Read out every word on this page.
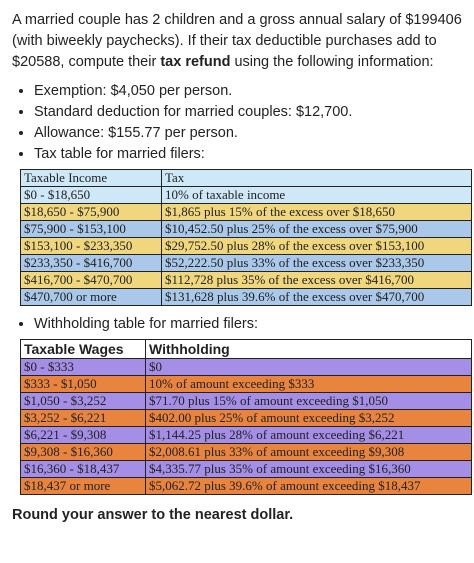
A married couple has 2 children and a gross annual salary of $199406 (with biweekly paychecks). If their tax deductible purchases add to $20588, compute their tax refund using the following information:

• Exemption: $4,050 per person.
• Standard deduction for married couples: $12,700.
• Allowance: $155.77 per person.
• Tax table for married filers:
Taxable Income	Tax
$0 - $18,650	10% of taxable income
$18,650 - $75,900	$1,865 plus 15% of the excess over $18,650
$75,900 - $153,100	$10,452.50 plus 25% of the excess over $75,900
$153,100 - $233,350	$29,752.50 plus 28% of the excess over $153,100
$233,350 - $416,700	$52,222.50 plus 33% of the excess over $233,350
$416,700 - $470,700	$112,728 plus 35% of the excess over $416,700
$470,700 or more	$131,628 plus 39.6% of the excess over $470,700
• Withholding table for married filers:
Taxable Wages	Withholding
$0 - $333	$0
$333 - $1,050	10% of amount exceeding $333
$1,050 - $3,252	$71.70 plus 15% of amount exceeding $1,050
$3,252 - $6,221	$402.00 plus 25% of amount exceeding $3,252
$6,221 - $9,308	$1,144.25 plus 28% of amount exceeding $6,221
$9,308 - $16,360	$2,008.61 plus 33% of amount exceeding $9,308
$16,360 - $18,437	$4,335.77 plus 35% of amount exceeding $16,360
$18,437 or more	$5,062.72 plus 39.6% of amount exceeding $18,437

Round your answer to the nearest dollar.
